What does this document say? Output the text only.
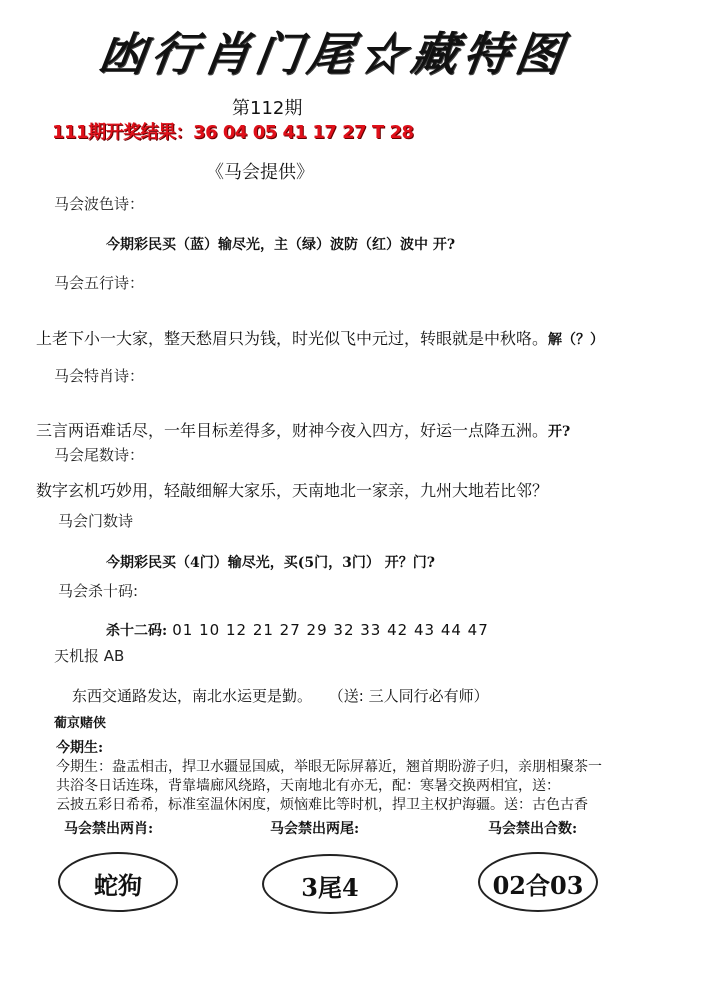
凼行肖门尾☆藏特图
第112期
111期开奖结果：36 04 05 41 17 27 T 28
《马会提供》
马会波色诗：
今期彩民买（蓝）输尽光，主（绿）波防（红）波中 开?
马会五行诗：
上老下小一大家，整天愁眉只为钱，时光似飞中元过，转眼就是中秋咯。解（？）
马会特肖诗：
三言两语难话尽，一年目标差得多，财神今夜入四方，好运一点降五洲。开?
马会尾数诗：
数字玄机巧妙用，轻敲细解大家乐，天南地北一家亲，九州大地若比邻？
马会门数诗
今期彩民买（4门）输尽光，买(5门，3门） 开？门?
马会杀十码:
杀十二码: 01 10 12 21 27 29 32 33 42 43 44 47
天机报 AB
东西交通路发达，南北水运更是勤。 （送: 三人同行必有师）
葡京赌侠
今期生:
今期生：盎盂相击，捍卫水疆显国威，举眼无际屏幕近，翘首期盼游子归，亲朋相聚茶一
共浴冬日话连珠，背靠墙廊风绕路，天南地北有亦无，配：寒暑交换两相宜，送：
云披五彩日希希，标准室温休闲度，烦恼难比等时机，捍卫主权护海疆。送：古色古香
马会禁出两肖:	马会禁出两尾:	马会禁出合数:
蛇狗	3尾4	02合03
